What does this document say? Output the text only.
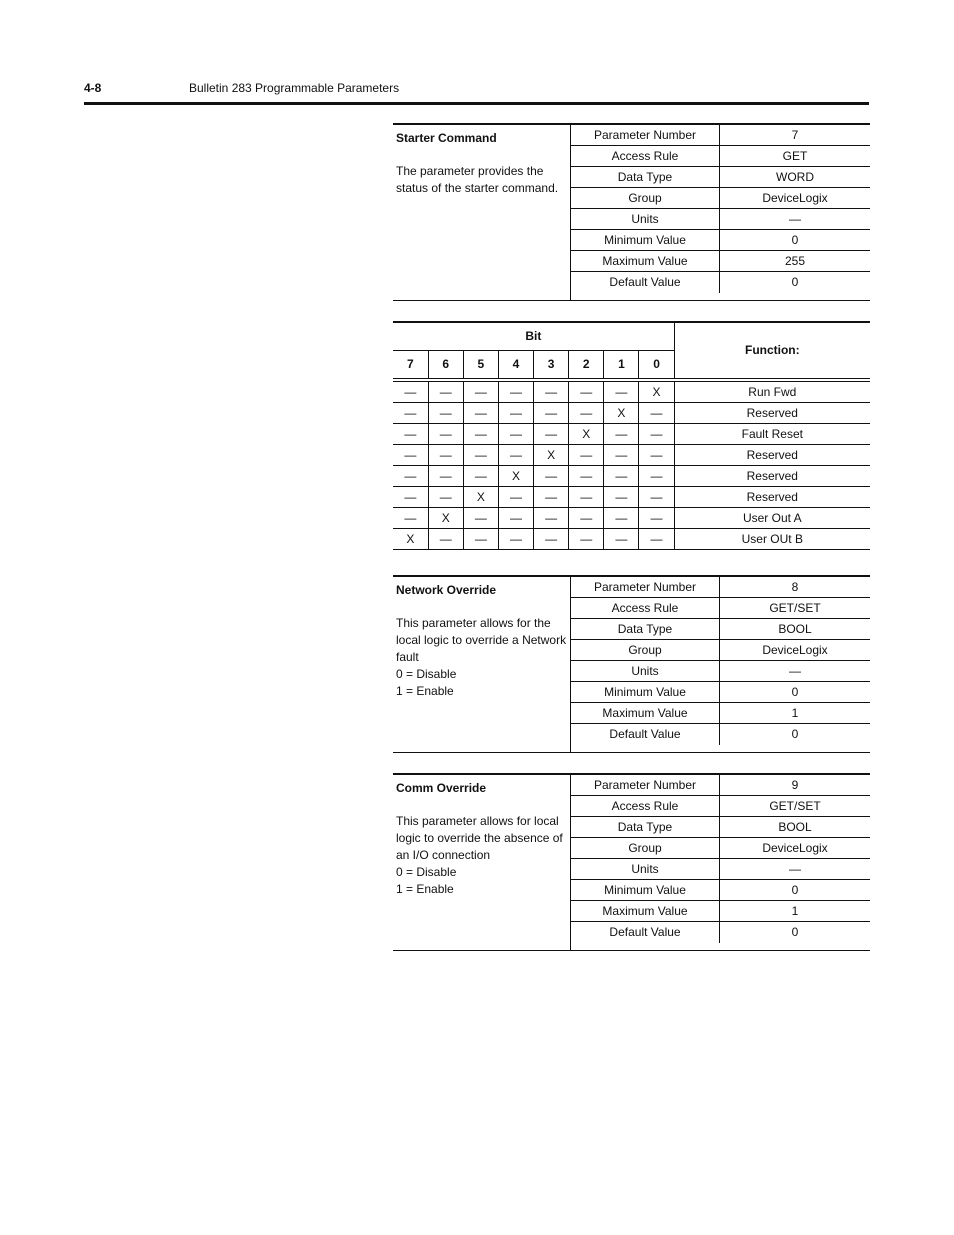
4-8	Bulletin 283 Programmable Parameters
Starter Command
The parameter provides the
status of the starter command.
Parameter Number	7
Access Rule	GET
Data Type	WORD
Group	DeviceLogix
Units	—
Minimum Value	0
Maximum Value	255
Default Value	0
Bit								Function:
7	6	5	4	3	2	1	0	

—	—	—	—	—	—	—	X	Run Fwd
—	—	—	—	—	—	X	—	Reserved
—	—	—	—	—	X	—	—	Fault Reset
—	—	—	—	X	—	—	—	Reserved
—	—	—	X	—	—	—	—	Reserved
—	—	X	—	—	—	—	—	Reserved
—	X	—	—	—	—	—	—	User Out A
X	—	—	—	—	—	—	—	User OUt B
Network Override
This parameter allows for the
local logic to override a Network
fault
0 = Disable
1 = Enable
Parameter Number	8
Access Rule	GET/SET
Data Type	BOOL
Group	DeviceLogix
Units	—
Minimum Value	0
Maximum Value	1
Default Value	0
Comm Override
This parameter allows for local
logic to override the absence of
an I/O connection
0 = Disable
1 = Enable
Parameter Number	9
Access Rule	GET/SET
Data Type	BOOL
Group	DeviceLogix
Units	—
Minimum Value	0
Maximum Value	1
Default Value	0
